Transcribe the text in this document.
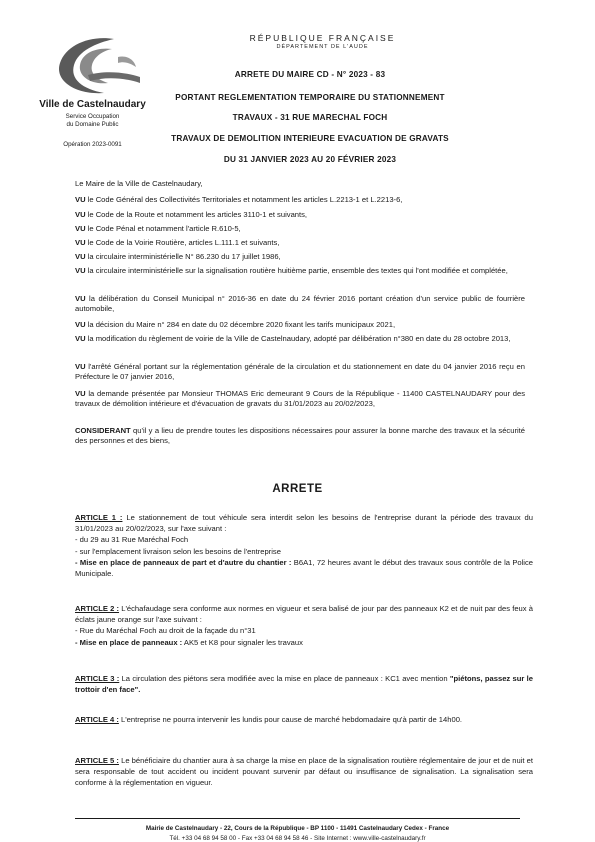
Ville de Castelnaudary
Service Occupation
du Domaine Public
Opération 2023-0091
RÉPUBLIQUE FRANÇAISE
DÉPARTEMENT DE L'AUDE
ARRETE DU MAIRE CD - N° 2023 - 83
PORTANT REGLEMENTATION TEMPORAIRE DU STATIONNEMENT
TRAVAUX - 31 RUE MARECHAL FOCH
TRAVAUX DE DEMOLITION INTERIEURE EVACUATION DE GRAVATS
DU 31 JANVIER 2023 AU 20 FÉVRIER 2023
Le Maire de la Ville de Castelnaudary,
VU le Code Général des Collectivités Territoriales et notamment les articles L.2213-1 et L.2213-6,
VU le Code de la Route et notamment les articles 3110-1 et suivants,
VU le Code Pénal et notamment l'article R.610-5,
VU le Code de la Voirie Routière, articles L.111.1 et suivants,
VU la circulaire interministérielle N° 86.230 du 17 juillet 1986,
VU la circulaire interministérielle sur la signalisation routière huitième partie, ensemble des textes qui l'ont modifiée et complétée,
VU la délibération du Conseil Municipal n° 2016-36 en date du 24 février 2016 portant création d'un service public de fourrière automobile,
VU la décision du Maire n° 284 en date du 02 décembre 2020 fixant les tarifs municipaux 2021,
VU la modification du règlement de voirie de la Ville de Castelnaudary, adopté par délibération n°380 en date du 28 octobre 2013,
VU l'arrêté Général portant sur la réglementation générale de la circulation et du stationnement en date du 04 janvier 2016 reçu en Préfecture le 07 janvier 2016,
VU la demande présentée par Monsieur THOMAS Eric demeurant 9 Cours de la République - 11400 CASTELNAUDARY pour des travaux de démolition intérieure et d'évacuation de gravats du 31/01/2023 au 20/02/2023,
CONSIDERANT qu'il y a lieu de prendre toutes les dispositions nécessaires pour assurer la bonne marche des travaux et la sécurité des personnes et des biens,
ARRETE
ARTICLE 1 : Le stationnement de tout véhicule sera interdit selon les besoins de l'entreprise durant la période des travaux du 31/01/2023 au 20/02/2023, sur l'axe suivant :
- du 29 au 31 Rue Maréchal Foch
- sur l'emplacement livraison selon les besoins de l'entreprise
- Mise en place de panneaux de part et d'autre du chantier : B6A1, 72 heures avant le début des travaux sous contrôle de la Police Municipale.
ARTICLE 2 : L'échafaudage sera conforme aux normes en vigueur et sera balisé de jour par des panneaux K2 et de nuit par des feux à éclats jaune orange sur l'axe suivant :
- Rue du Maréchal Foch au droit de la façade du n°31
- Mise en place de panneaux : AK5 et K8 pour signaler les travaux
ARTICLE 3 : La circulation des piétons sera modifiée avec la mise en place de panneaux : KC1 avec mention "piétons, passez sur le trottoir d'en face".
ARTICLE 4 : L'entreprise ne pourra intervenir les lundis pour cause de marché hebdomadaire qu'à partir de 14h00.
ARTICLE 5 : Le bénéficiaire du chantier aura à sa charge la mise en place de la signalisation routière réglementaire de jour et de nuit et sera responsable de tout accident ou incident pouvant survenir par défaut ou insuffisance de signalisation. La signalisation sera conforme à la réglementation en vigueur.
Mairie de Castelnaudary - 22, Cours de la République - BP 1100 - 11491 Castelnaudary Cedex - France
Tél. +33 04 68 94 58 00 - Fax +33 04 68 94 58 46 - Site Internet : www.ville-castelnaudary.fr
